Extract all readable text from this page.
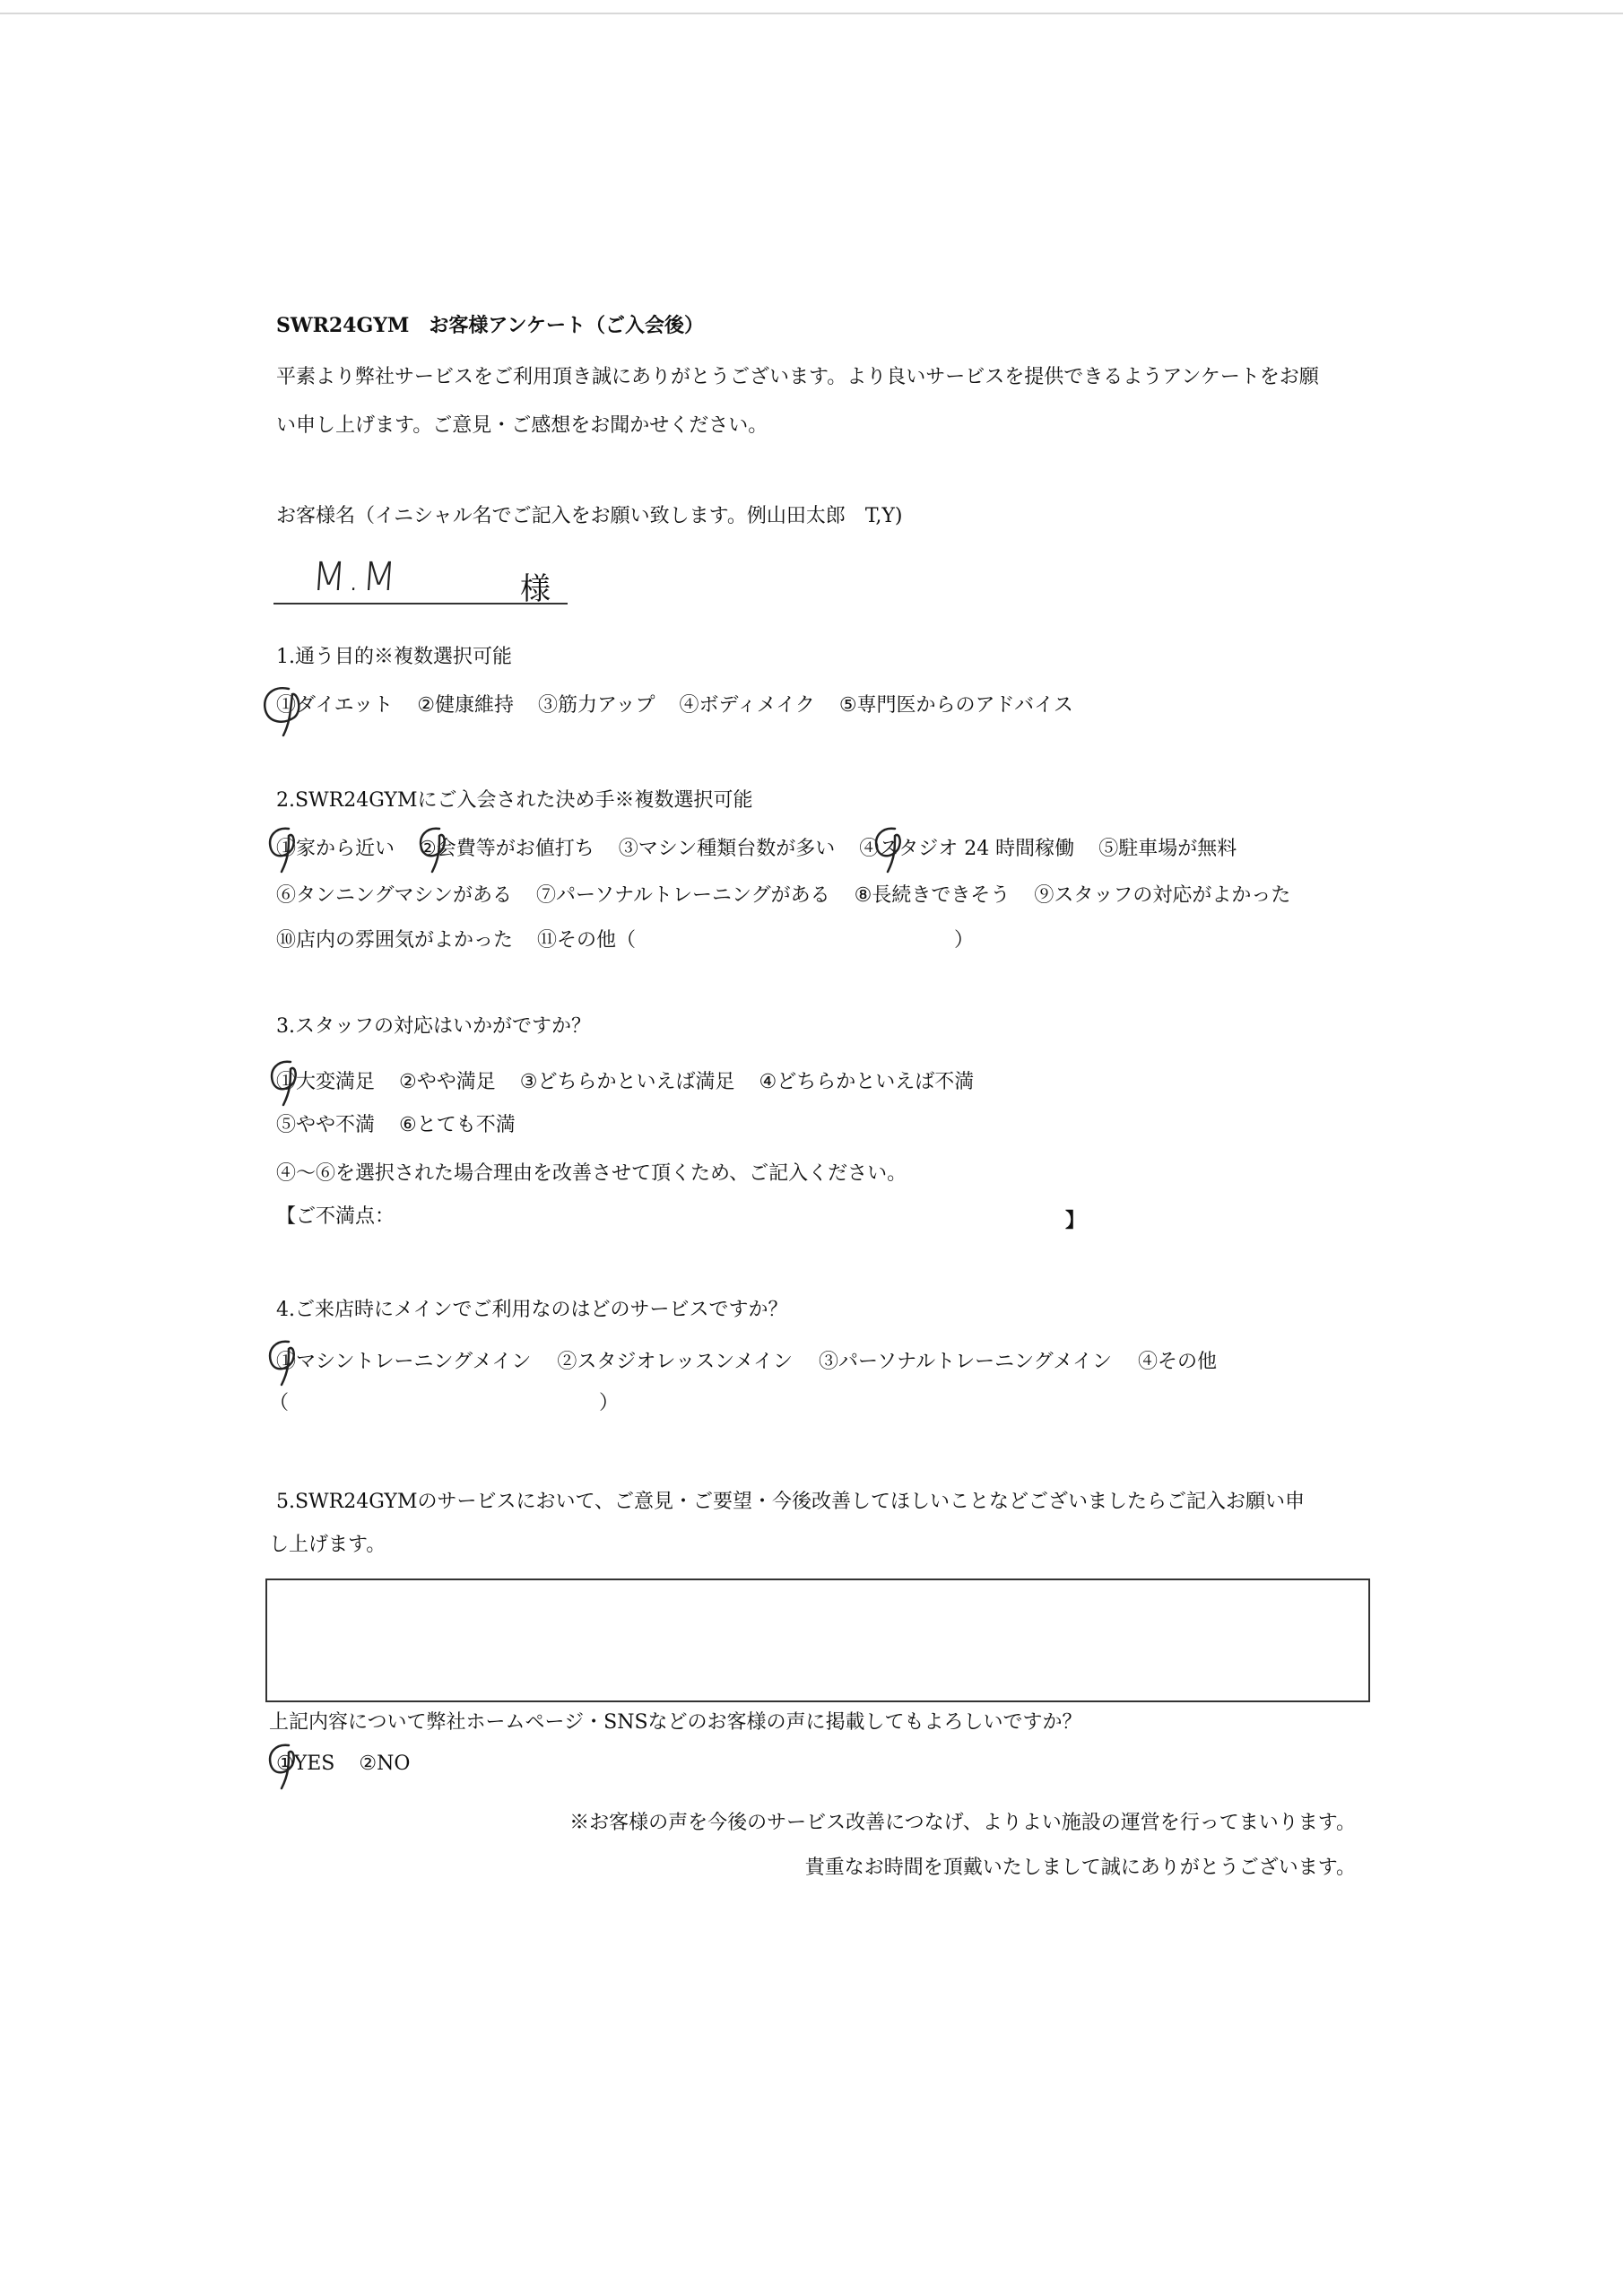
SWR24GYM　お客様アンケート（ご入会後）
平素より弊社サービスをご利用頂き誠にありがとうございます。より良いサービスを提供できるようアンケートをお願
い申し上げます。ご意見・ご感想をお聞かせください。
お客様名（イニシャル名でご記入をお願い致します。例山田太郎　T,Y)
M.M	様
1.通う目的※複数選択可能
①ダイエット ②健康維持 ③筋力アップ ④ボディメイク ⑤専門医からのアドバイス
2.SWR24GYMにご入会された決め手※複数選択可能
①家から近い ②会費等がお値打ち ③マシン種類台数が多い ④スタジオ 24 時間稼働 ⑤駐車場が無料
⑥タンニングマシンがある ⑦パーソナルトレーニングがある ⑧長続きできそう ⑨スタッフの対応がよかった
⑩店内の雰囲気がよかった ⑪その他（	）
3.スタッフの対応はいかがですか？
①大変満足 ②やや満足 ③どちらかといえば満足 ④どちらかといえば不満
⑤やや不満 ⑥とても不満
④～⑥を選択された場合理由を改善させて頂くため、ご記入ください。
【ご不満点：	】
4.ご来店時にメインでご利用なのはどのサービスですか？
①マシントレーニングメイン ②スタジオレッスンメイン ③パーソナルトレーニングメイン ④その他
（	）
5.SWR24GYMのサービスにおいて、ご意見・ご要望・今後改善してほしいことなどございましたらご記入お願い申
し上げます。
上記内容について弊社ホームページ・SNSなどのお客様の声に掲載してもよろしいですか？
①YES ②NO
※お客様の声を今後のサービス改善につなげ、よりよい施設の運営を行ってまいります。
貴重なお時間を頂戴いたしまして誠にありがとうございます。
